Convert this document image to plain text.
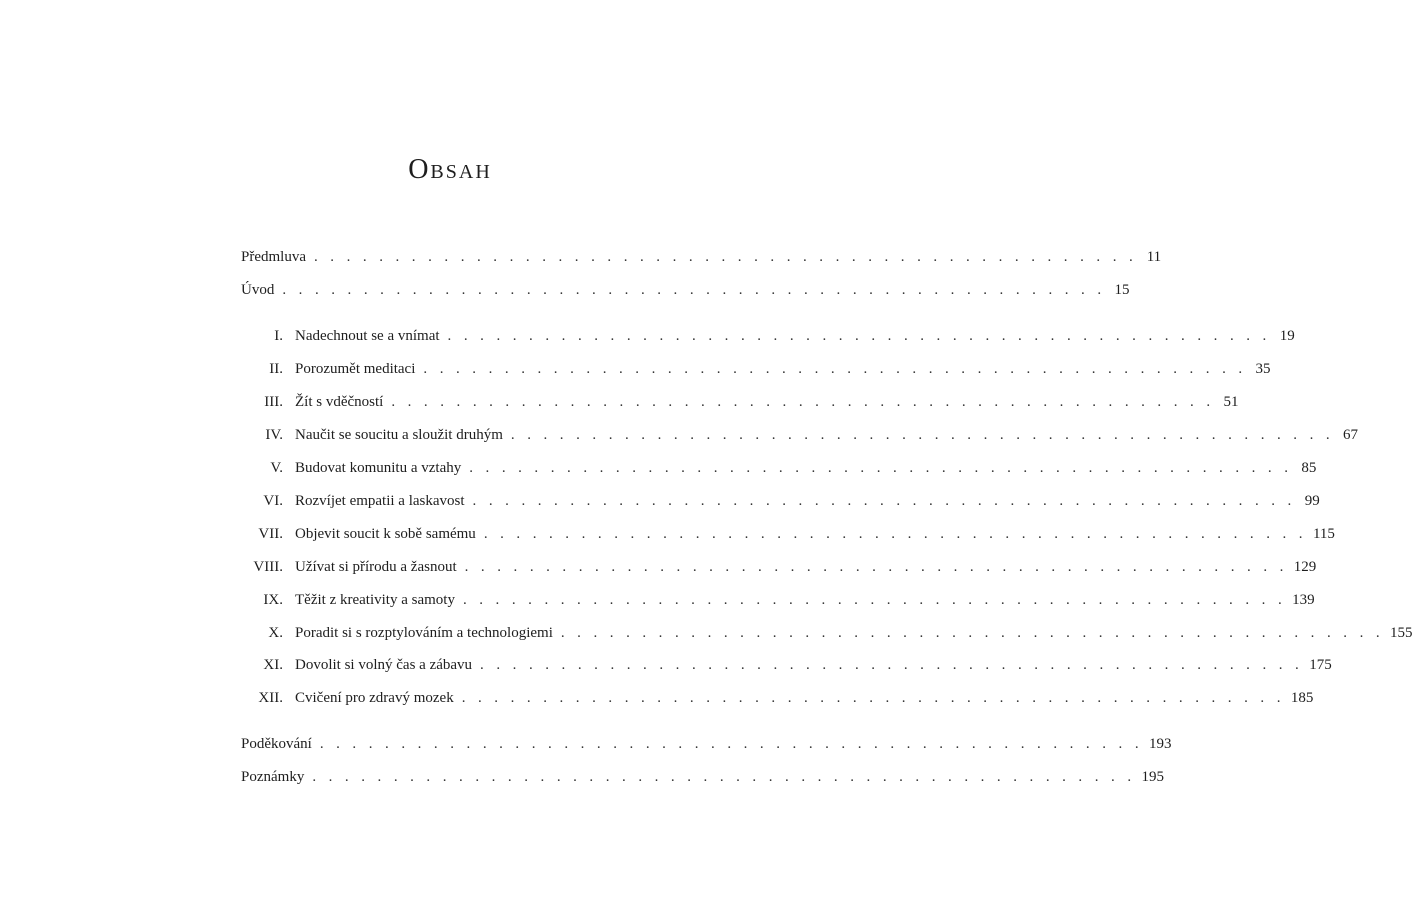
Obsah
Předmluva . . . . . . . . . . . . . . . . . . . . . . . . . . . . . . . . . . . . . . . . . . . . . . . . . . . 11
Úvod . . . . . . . . . . . . . . . . . . . . . . . . . . . . . . . . . . . . . . . . . . . . . . . . . . . 15
I. Nadechnout se a vnímat . . . . . . . . . . . . . . . . . . . . . . . . . . . . . . . . . . . . . . . . . . . . . . . . . . . 19
II. Porozumět meditaci . . . . . . . . . . . . . . . . . . . . . . . . . . . . . . . . . . . . . . . . . . . . . . . . . . . 35
III. Žít s vděčností . . . . . . . . . . . . . . . . . . . . . . . . . . . . . . . . . . . . . . . . . . . . . . . . . . . 51
IV. Naučit se soucitu a sloužit druhým . . . . . . . . . . . . . . . . . . . . . . . . . . . . . . . . . . . . . . . . . . . . . . . . . . . 67
V. Budovat komunitu a vztahy . . . . . . . . . . . . . . . . . . . . . . . . . . . . . . . . . . . . . . . . . . . . . . . . . . . 85
VI. Rozvíjet empatii a laskavost . . . . . . . . . . . . . . . . . . . . . . . . . . . . . . . . . . . . . . . . . . . . . . . . . . . 99
VII. Objevit soucit k sobě samému . . . . . . . . . . . . . . . . . . . . . . . . . . . . . . . . . . . . . . . . . . . . . . . . . . . 115
VIII. Užívat si přírodu a žasnout . . . . . . . . . . . . . . . . . . . . . . . . . . . . . . . . . . . . . . . . . . . . . . . . . . . 129
IX. Těžit z kreativity a samoty . . . . . . . . . . . . . . . . . . . . . . . . . . . . . . . . . . . . . . . . . . . . . . . . . . . 139
X. Poradit si s rozptylováním a technologiemi . . . . . . . . . . . . . . . . . . . . . . . . . . . . . . . . . . . . . . . . . . . . . . . . . . . 155
XI. Dovolit si volný čas a zábavu . . . . . . . . . . . . . . . . . . . . . . . . . . . . . . . . . . . . . . . . . . . . . . . . . . . 175
XII. Cvičení pro zdravý mozek . . . . . . . . . . . . . . . . . . . . . . . . . . . . . . . . . . . . . . . . . . . . . . . . . . . 185
Poděkování . . . . . . . . . . . . . . . . . . . . . . . . . . . . . . . . . . . . . . . . . . . . . . . . . . . 193
Poznámky . . . . . . . . . . . . . . . . . . . . . . . . . . . . . . . . . . . . . . . . . . . . . . . . . . . 195
